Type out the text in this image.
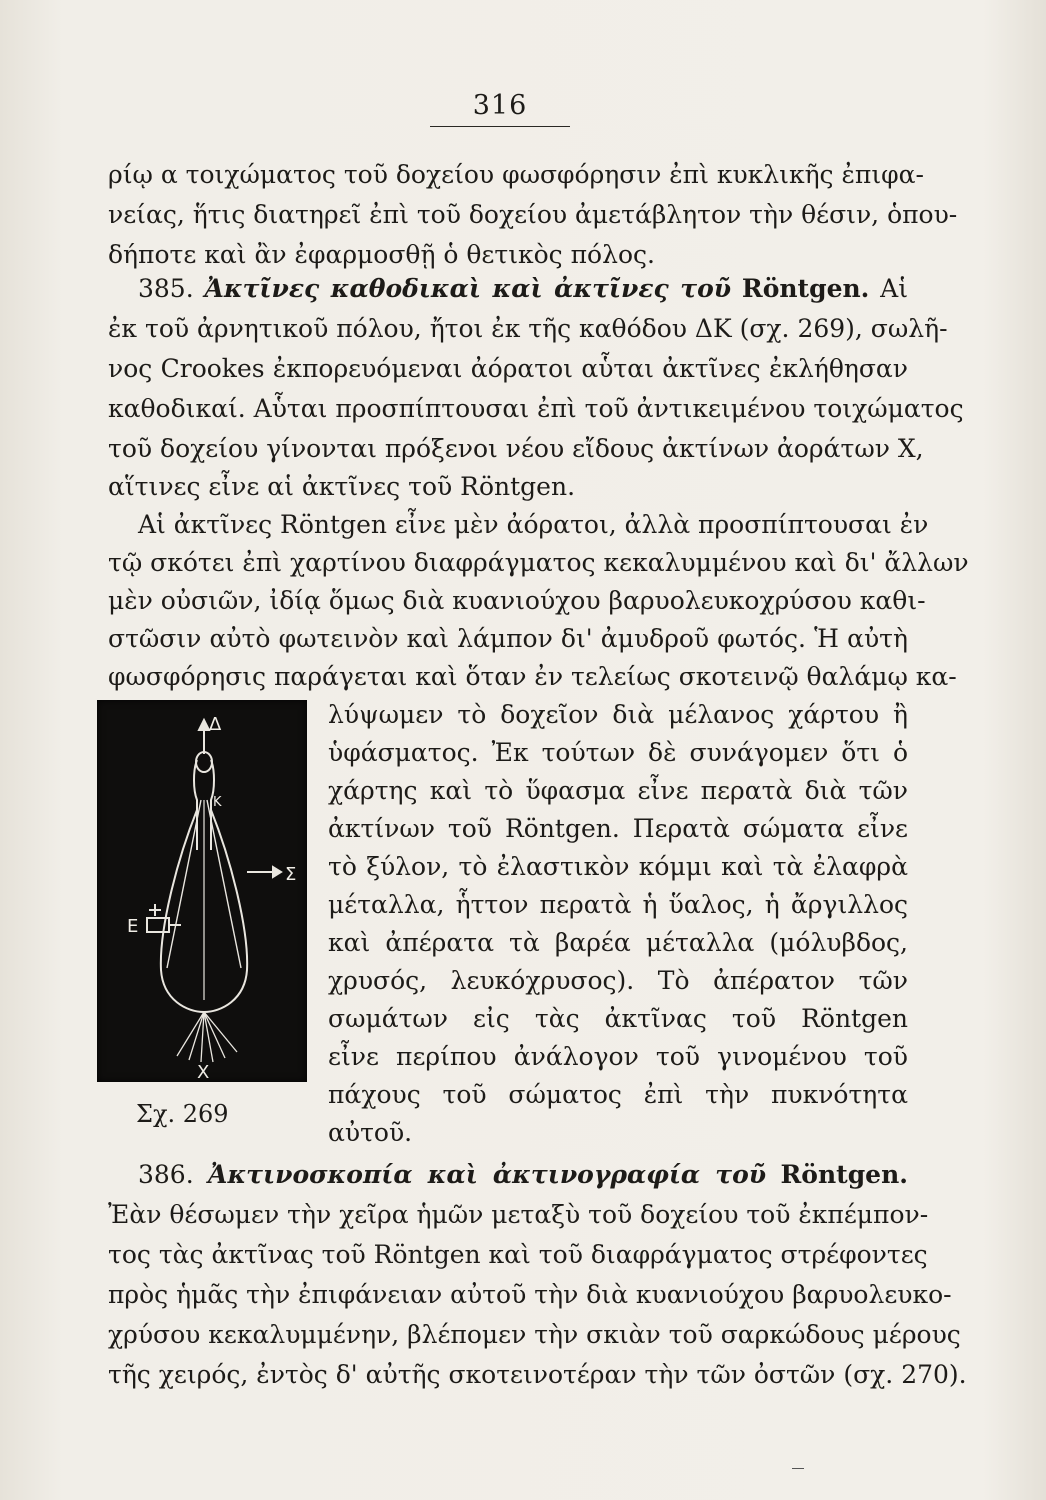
316
ρίῳ α τοιχώματος τοῦ δοχείου φωσφόρησιν ἐπὶ κυκλικῆς ἐπιφα-
νείας, ἥτις διατηρεῖ ἐπὶ τοῦ δοχείου ἀμετάβλητον τὴν θέσιν, ὁπου-
δήποτε καὶ ἂν ἐφαρμοσθῇ ὁ θετικὸς πόλος.
385. Ἀκτῖνες καθοδικαὶ καὶ ἀκτῖνες τοῦ Röntgen. Αἱ
ἐκ τοῦ ἀρνητικοῦ πόλου, ἤτοι ἐκ τῆς καθόδου ΔΚ (σχ. 269), σωλῆ-
νος Crookes ἐκπορευόμεναι ἀόρατοι αὗται ἀκτῖνες ἐκλήθησαν
καθοδικαί. Αὗται προσπίπτουσαι ἐπὶ τοῦ ἀντικειμένου τοιχώματος
τοῦ δοχείου γίνονται πρόξενοι νέου εἴδους ἀκτίνων ἀοράτων Χ,
αἵτινες εἶνε αἱ ἀκτῖνες τοῦ Röntgen.
Αἱ ἀκτῖνες Röntgen εἶνε μὲν ἀόρατοι, ἀλλὰ προσπίπτουσαι ἐν
τῷ σκότει ἐπὶ χαρτίνου διαφράγματος κεκαλυμμένου καὶ δι' ἄλλων
μὲν οὐσιῶν, ἰδίᾳ ὅμως διὰ κυανιούχου βαρυολευκοχρύσου καθι-
στῶσιν αὐτὸ φωτεινὸν καὶ λάμπον δι' ἀμυδροῦ φωτός. Ἡ αὐτὴ
φωσφόρησις παράγεται καὶ ὅταν ἐν τελείως σκοτεινῷ θαλάμῳ κα-
Δ
K
Σ
E
X
Σχ. 269
λύψωμεν τὸ δοχεῖον διὰ μέλανος χάρτου ἢ
ὑφάσματος. Ἐκ τούτων δὲ συνάγομεν ὅτι ὁ
χάρτης καὶ τὸ ὕφασμα εἶνε περατὰ διὰ τῶν
ἀκτίνων τοῦ Röntgen. Περατὰ σώματα εἶνε
τὸ ξύλον, τὸ ἐλαστικὸν κόμμι καὶ τὰ ἐλαφρὰ
μέταλλα, ἧττον περατὰ ἡ ὕαλος, ἡ ἄργιλλος
καὶ ἀπέρατα τὰ βαρέα μέταλλα (μόλυβδος,
χρυσός, λευκόχρυσος). Τὸ ἀπέρατον τῶν
σωμάτων εἰς τὰς ἀκτῖνας τοῦ Röntgen
εἶνε περίπου ἀνάλογον τοῦ γινομένου τοῦ
πάχους τοῦ σώματος ἐπὶ τὴν πυκνότητα
αὐτοῦ.
386. Ἀκτινοσκοπία καὶ ἀκτινογραφία τοῦ Röntgen.
Ἐὰν θέσωμεν τὴν χεῖρα ἡμῶν μεταξὺ τοῦ δοχείου τοῦ ἐκπέμπον-
τος τὰς ἀκτῖνας τοῦ Röntgen καὶ τοῦ διαφράγματος στρέφοντες
πρὸς ἡμᾶς τὴν ἐπιφάνειαν αὐτοῦ τὴν διὰ κυανιούχου βαρυολευκο-
χρύσου κεκαλυμμένην, βλέπομεν τὴν σκιὰν τοῦ σαρκώδους μέρους
τῆς χειρός, ἐντὸς δ' αὐτῆς σκοτεινοτέραν τὴν τῶν ὀστῶν (σχ. 270).
